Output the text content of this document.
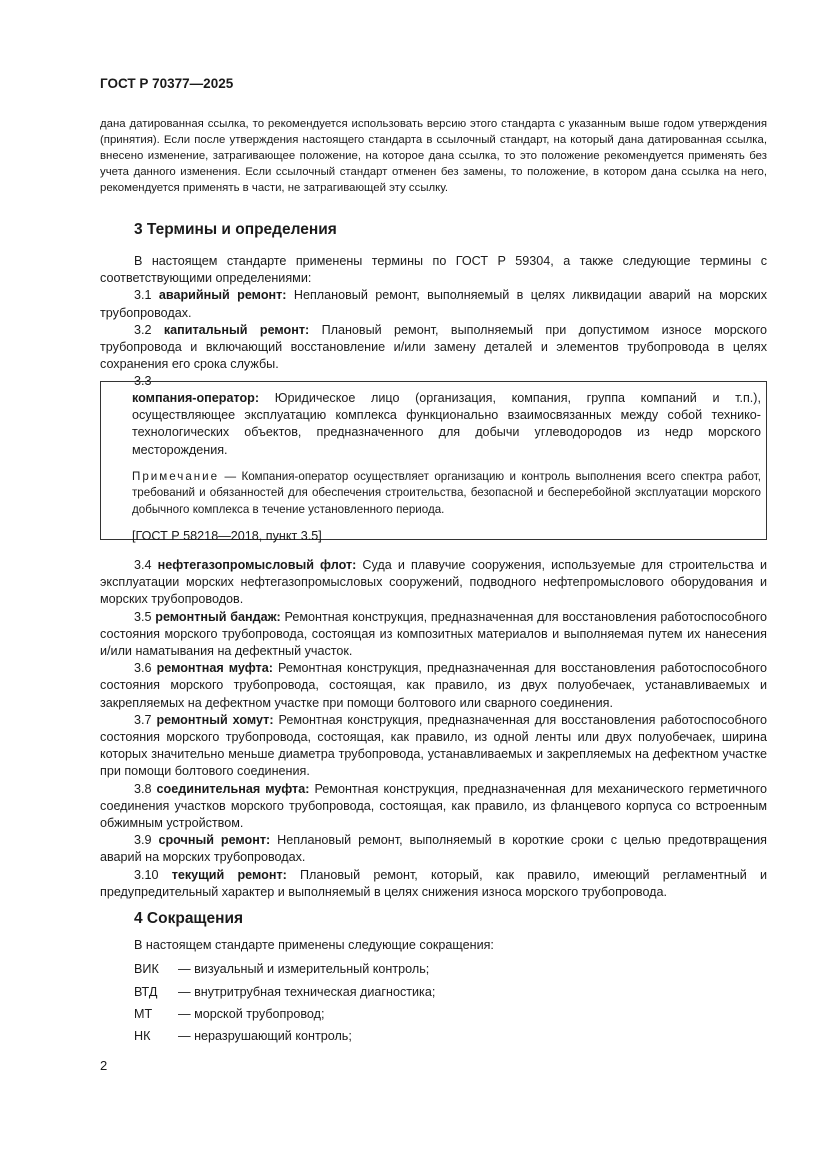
ГОСТ Р 70377—2025
дана датированная ссылка, то рекомендуется использовать версию этого стандарта с указанным выше годом утверждения (принятия). Если после утверждения настоящего стандарта в ссылочный стандарт, на который дана датированная ссылка, внесено изменение, затрагивающее положение, на которое дана ссылка, то это положение рекомендуется применять без учета данного изменения. Если ссылочный стандарт отменен без замены, то положение, в котором дана ссылка на него, рекомендуется применять в части, не затрагивающей эту ссылку.
3 Термины и определения

В настоящем стандарте применены термины по ГОСТ Р 59304, а также следующие термины с соответствующими определениями:

3.1 аварийный ремонт: Неплановый ремонт, выполняемый в целях ликвидации аварий на морских трубопроводах.

3.2 капитальный ремонт: Плановый ремонт, выполняемый при допустимом износе морского трубопровода и включающий восстановление и/или замену деталей и элементов трубопровода в целях сохранения его срока службы.

3.3

компания-оператор: Юридическое лицо (организация, компания, группа компаний и т.п.), осуществляющее эксплуатацию комплекса функционально взаимосвязанных между собой технико-технологических объектов, предназначенного для добычи углеводородов из недр морского месторождения.

Примечание — Компания-оператор осуществляет организацию и контроль выполнения всего спектра работ, требований и обязанностей для обеспечения строительства, безопасной и бесперебойной эксплуатации морского добычного комплекса в течение установленного периода.

[ГОСТ Р 58218—2018, пункт 3.5]

3.4 нефтегазопромысловый флот: Суда и плавучие сооружения, используемые для строительства и эксплуатации морских нефтегазопромысловых сооружений, подводного нефтепромыслового оборудования и морских трубопроводов.

3.5 ремонтный бандаж: Ремонтная конструкция, предназначенная для восстановления работоспособного состояния морского трубопровода, состоящая из композитных материалов и выполняемая путем их нанесения и/или наматывания на дефектный участок.

3.6 ремонтная муфта: Ремонтная конструкция, предназначенная для восстановления работоспособного состояния морского трубопровода, состоящая, как правило, из двух полуобечаек, устанавливаемых и закрепляемых на дефектном участке при помощи болтового или сварного соединения.

3.7 ремонтный хомут: Ремонтная конструкция, предназначенная для восстановления работоспособного состояния морского трубопровода, состоящая, как правило, из одной ленты или двух полуобечаек, ширина которых значительно меньше диаметра трубопровода, устанавливаемых и закрепляемых на дефектном участке при помощи болтового соединения.

3.8 соединительная муфта: Ремонтная конструкция, предназначенная для механического герметичного соединения участков морского трубопровода, состоящая, как правило, из фланцевого корпуса со встроенным обжимным устройством.

3.9 срочный ремонт: Неплановый ремонт, выполняемый в короткие сроки с целью предотвращения аварий на морских трубопроводах.

3.10 текущий ремонт: Плановый ремонт, который, как правило, имеющий регламентный и предупредительный характер и выполняемый в целях снижения износа морского трубопровода.

4 Сокращения

В настоящем стандарте применены следующие сокращения:

ВИК — визуальный и измерительный контроль;
ВТД — внутритрубная техническая диагностика;
МТ — морской трубопровод;
НК — неразрушающий контроль;
2
